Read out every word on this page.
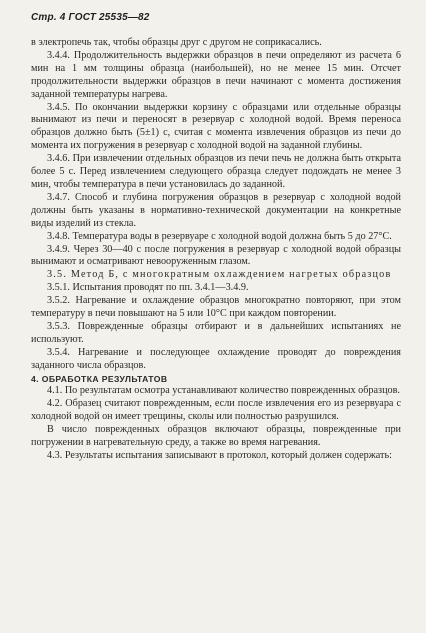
Стр. 4 ГОСТ 25535—82

в электропечь так, чтобы образцы друг с другом не соприкасались.

3.4.4. Продолжительность выдержки образцов в печи определяют из расчета 6 мин на 1 мм толщины образца (наибольшей), но не менее 15 мин. Отсчет продолжительности выдержки образцов в печи начинают с момента достижения заданной температуры нагрева.

3.4.5. По окончании выдержки корзину с образцами или отдельные образцы вынимают из печи и переносят в резервуар с холодной водой. Время переноса образцов должно быть (5±1) с, считая с момента извлечения образцов из печи до момента их погружения в резервуар с холодной водой на заданной глубины.

3.4.6. При извлечении отдельных образцов из печи печь не должна быть открыта более 5 с. Перед извлечением следующего образца следует подождать не менее 3 мин, чтобы температура в печи установилась до заданной.

3.4.7. Способ и глубина погружения образцов в резервуар с холодной водой должны быть указаны в нормативно-технической документации на конкретные виды изделий из стекла.

3.4.8. Температура воды в резервуаре с холодной водой должна быть 5 до 27°С.

3.4.9. Через 30—40 с после погружения в резервуар с холодной водой образцы вынимают и осматривают невооруженным глазом.

3.5. Метод Б, с многократным охлаждением нагретых образцов

3.5.1. Испытания проводят по пп. 3.4.1—3.4.9.

3.5.2. Нагревание и охлаждение образцов многократно повторяют, при этом температуру в печи повышают на 5 или 10°С при каждом повторении.

3.5.3. Поврежденные образцы отбирают и в дальнейших испытаниях не используют.

3.5.4. Нагревание и последующее охлаждение проводят до повреждения заданного числа образцов.

4. ОБРАБОТКА РЕЗУЛЬТАТОВ

4.1. По результатам осмотра устанавливают количество поврежденных образцов.

4.2. Образец считают поврежденным, если после извлечения его из резервуара с холодной водой он имеет трещины, сколы или полностью разрушился.

В число поврежденных образцов включают образцы, поврежденные при погружении в нагревательную среду, а также во время нагревания.

4.3. Результаты испытания записывают в протокол, который должен содержать:
